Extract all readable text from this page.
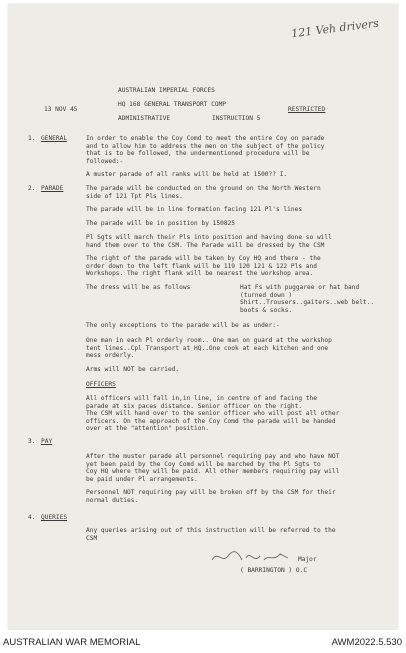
121 Veh drivers
AUSTRALIAN IMPERIAL FORCES
HQ 168 GENERAL TRANSPORT COMP
13 NOV 45	RESTRICTED
ADMINISTRATIVE	INSTRUCTION 5
1. GENERAL	In order to enable the Coy Comd to meet the entire Coy on parade
and to allow him to address the men on the subject of the policy
that is to be followed, the undermentioned procedure will be
followed:-
A muster parade of all ranks will be held at 1500?? I.
2. PARADE	The parade will be conducted on the ground on the North Western
side of 121 Tpt Pls lines.
The parade will be in line formation facing 121 Pl's lines
The parade will be in position by 150825
Pl Sgts will march their Pls into position and having done so will
hand them over to the CSM. The Parade will be dressed by the CSM
The right of the parade will be taken by Coy HQ and there - the
order down to the left flank will be 119 120 121 & 122 Pls and
Workshops. The right flank will be nearest the workshop area.
The dress will be as follows	Hat Fs with puggaree or hat band
(turned down )
Shirt..Trousers..gaiters..web belt..
boots & socks.
The only exceptions to the parade will be as under:-
One man in each Pl orderly room.. One man on guard at the workshop
tent lines..Cpl Transport at HQ..One cook at each kitchen and one
mess orderly.
Arms will NOT be carried.
OFFICERS
All officers will fall in,in line, in centre of and facing the
parade at six paces distance. Senior officer on the right.
The CSM will hand over to the senior officer who will post all other
officers. On the approach of the Coy Comd the parade will be handed
over at the "attention" position.
3. PAY
After the muster parade all personnel requiring pay and who have NOT
yet been paid by the Coy Comd will be marched by the Pl Sgts to
Coy HQ where they will be paid. All other members requiring pay will
be paid under Pl arrangements.
Personnel NOT requiring pay will be broken off by the CSM for their
normal duties.
4. QUERIES
Any queries arising out of this instruction will be referred to the
CSM
Major
( BARRINGTON ) O.C
AUSTRALIAN WAR MEMORIAL	AWM2022.5.530
